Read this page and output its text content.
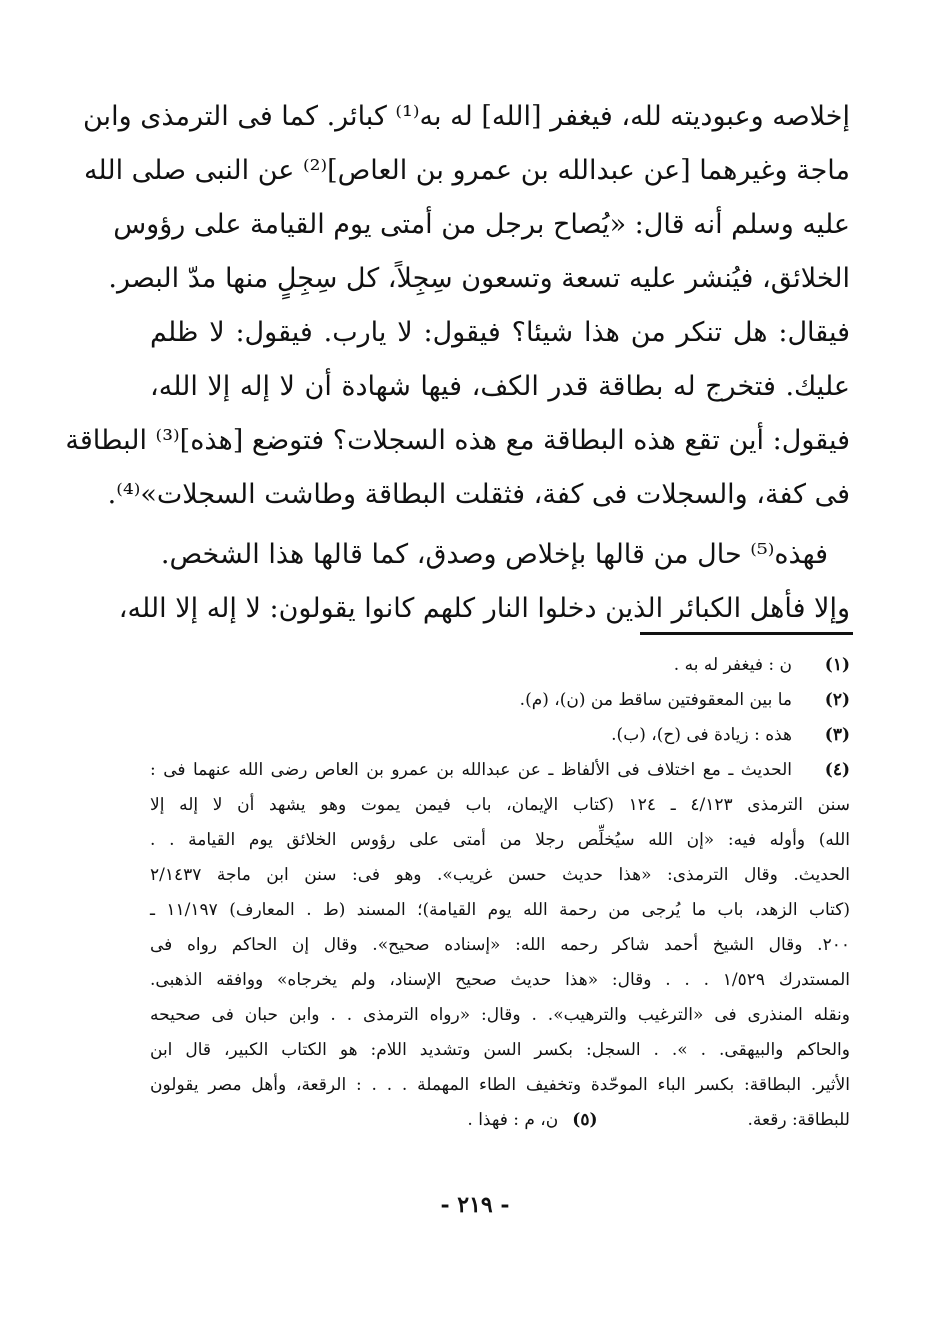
إخلاصه وعبوديته لله، فيغفر [الله] له به⁽¹⁾ كبائر. كما فى الترمذى وابن
ماجة وغيرهما [عن عبدالله بن عمرو بن العاص]⁽²⁾ عن النبى صلى الله
عليه وسلم أنه قال: «يُصاح برجل من أمتى يوم القيامة على رؤوس
الخلائق، فيُنشر عليه تسعة وتسعون سِجِلاً، كل سِجِلٍ منها مدّ البصر.
فيقال: هل تنكر من هذا شيئا؟ فيقول: لا يارب. فيقول: لا ظلم
عليك. فتخرج له بطاقة قدر الكف، فيها شهادة أن لا إله إلا الله،
فيقول: أين تقع هذه البطاقة مع هذه السجلات؟ فتوضع [هذه]⁽³⁾ البطاقة
فى كفة، والسجلات فى كفة، فثقلت البطاقة وطاشت السجلات»⁽⁴⁾.
فهذه⁽⁵⁾ حال من قالها بإخلاص وصدق، كما قالها هذا الشخص.
وإلا فأهل الكبائر الذين دخلوا النار كلهم كانوا يقولون: لا إله إلا الله،
(١)
ن : فيغفر له به .
(٢)
ما بين المعقوفتين ساقط من (ن)، (م).
(٣)
هذه : زيادة فى (ح)، (ب).
(٤)
الحديث ـ مع اختلاف فى الألفاظ ـ عن عبدالله بن عمرو بن العاص رضى الله عنهما فى :
سنن الترمذى ٤/١٢٣ ـ ١٢٤ (كتاب الإيمان، باب فيمن يموت وهو يشهد أن لا إله إلا
الله) وأوله فيه: «إن الله سيُخلِّص رجلا من أمتى على رؤوس الخلائق يوم القيامة . .
الحديث. وقال الترمذى: «هذا حديث حسن غريب». وهو فى: سنن ابن ماجة ٢/١٤٣٧
(كتاب الزهد، باب ما يُرجى من رحمة الله يوم القيامة)؛ المسند (ط . المعارف) ١١/١٩٧ ـ
٢٠٠. وقال الشيخ أحمد شاكر رحمه الله: «إسناده صحيح». وقال إن الحاكم رواه فى
المستدرك ١/٥٢٩ . . . وقال: «هذا حديث صحيح الإسناد، ولم يخرجاه» ووافقه الذهبى.
ونقله المنذرى فى «الترغيب والترهيب». . وقال: «رواه الترمذى . . وابن حبان فى صحيحه
والحاكم والبيهقى. . ». . السجل: بكسر السن وتشديد اللام: هو الكتاب الكبير، قال ابن
الأثير. البطاقة: بكسر الباء الموحّدة وتخفيف الطاء المهملة . . . : الرقعة، وأهل مصر يقولون
للبطاقة: رقعة.
(٥)
ن، م : فهذا .
- ٢١٩ -
